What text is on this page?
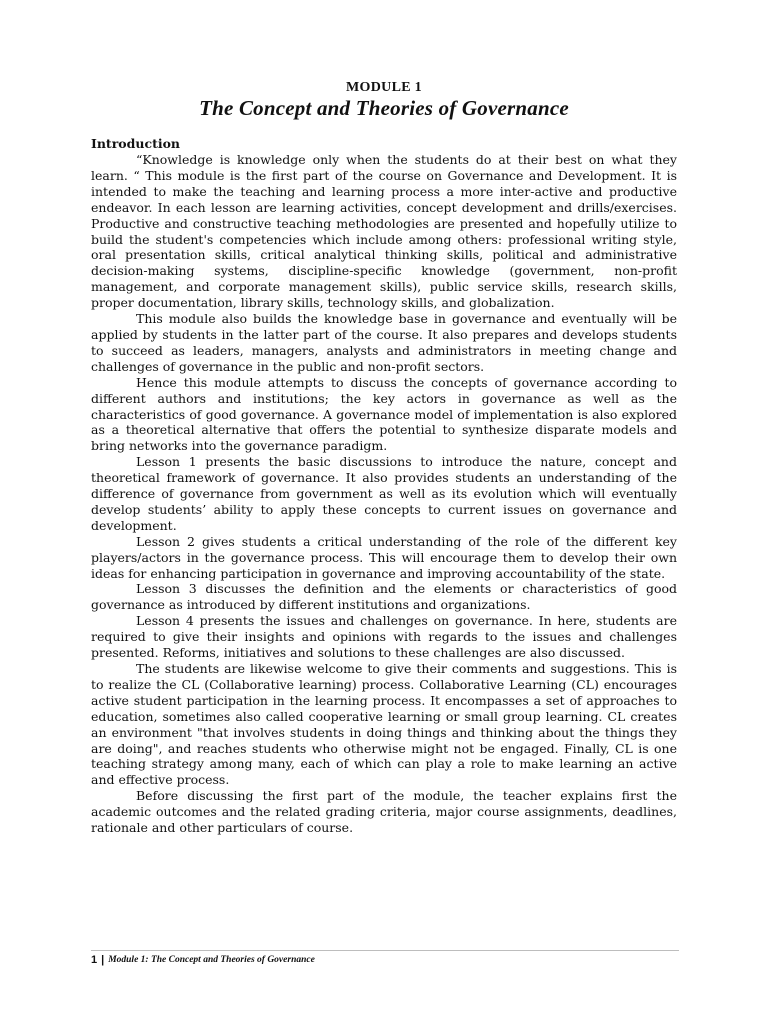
MODULE 1
The Concept and Theories of Governance

Introduction

“Knowledge is knowledge only when the students do at their best on what they learn. “ This module is the first part of the course on Governance and Development. It is intended to make the teaching and learning process a more inter-active and productive endeavor. In each lesson are learning activities, concept development and drills/exercises. Productive and constructive teaching methodologies are presented and hopefully utilize to build the student's competencies which include among others: professional writing style, oral presentation skills, critical analytical thinking skills, political and administrative decision-making systems, discipline-specific knowledge (government, non-profit management, and corporate management skills), public service skills, research skills, proper documentation, library skills, technology skills, and globalization.

This module also builds the knowledge base in governance and eventually will be applied by students in the latter part of the course. It also prepares and develops students to succeed as leaders, managers, analysts and administrators in meeting change and challenges of governance in the public and non-profit sectors.

Hence this module attempts to discuss the concepts of governance according to different authors and institutions; the key actors in governance as well as the characteristics of good governance. A governance model of implementation is also explored as a theoretical alternative that offers the potential to synthesize disparate models and bring networks into the governance paradigm.

Lesson 1 presents the basic discussions to introduce the nature, concept and theoretical framework of governance. It also provides students an understanding of the difference of governance from government as well as its evolution which will eventually develop students’ ability to apply these concepts to current issues on governance and development.

Lesson 2 gives students a critical understanding of the role of the different key players/actors in the governance process. This will encourage them to develop their own ideas for enhancing participation in governance and improving accountability of the state.

Lesson 3 discusses the definition and the elements or characteristics of good governance as introduced by different institutions and organizations.

Lesson 4 presents the issues and challenges on governance. In here, students are required to give their insights and opinions with regards to the issues and challenges presented. Reforms, initiatives and solutions to these challenges are also discussed.

The students are likewise welcome to give their comments and suggestions. This is to realize the CL (Collaborative learning) process. Collaborative Learning (CL) encourages active student participation in the learning process. It encompasses a set of approaches to education, sometimes also called cooperative learning or small group learning. CL creates an environment "that involves students in doing things and thinking about the things they are doing", and reaches students who otherwise might not be engaged. Finally, CL is one teaching strategy among many, each of which can play a role to make learning an active and effective process.

Before discussing the first part of the module, the teacher explains first the academic outcomes and the related grading criteria, major course assignments, deadlines, rationale and other particulars of course.

1 | Module 1: The Concept and Theories of Governance
